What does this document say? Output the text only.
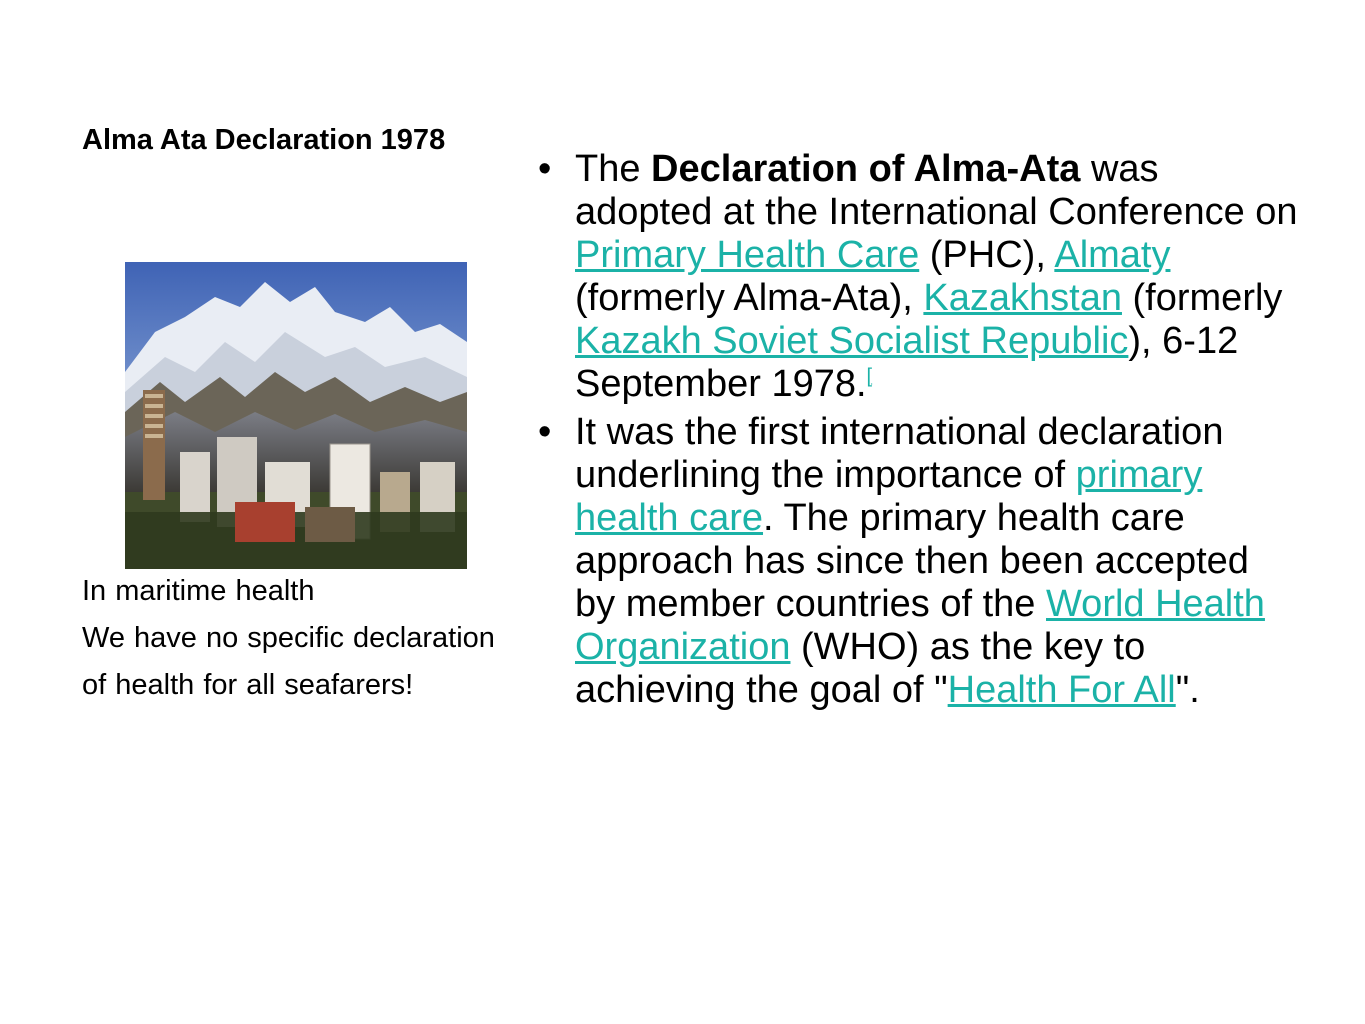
Alma Ata Declaration 1978
In maritime health
We have no specific declaration of health for all seafarers!
• The Declaration of Alma-Ata was adopted at the International Conference on Primary Health Care (PHC), Almaty (formerly Alma-Ata), Kazakhstan (formerly Kazakh Soviet Socialist Republic), 6-12 September 1978.[
• It was the first international declaration underlining the importance of primary health care. The primary health care approach has since then been accepted by member countries of the World Health Organization (WHO) as the key to achieving the goal of "Health For All".
